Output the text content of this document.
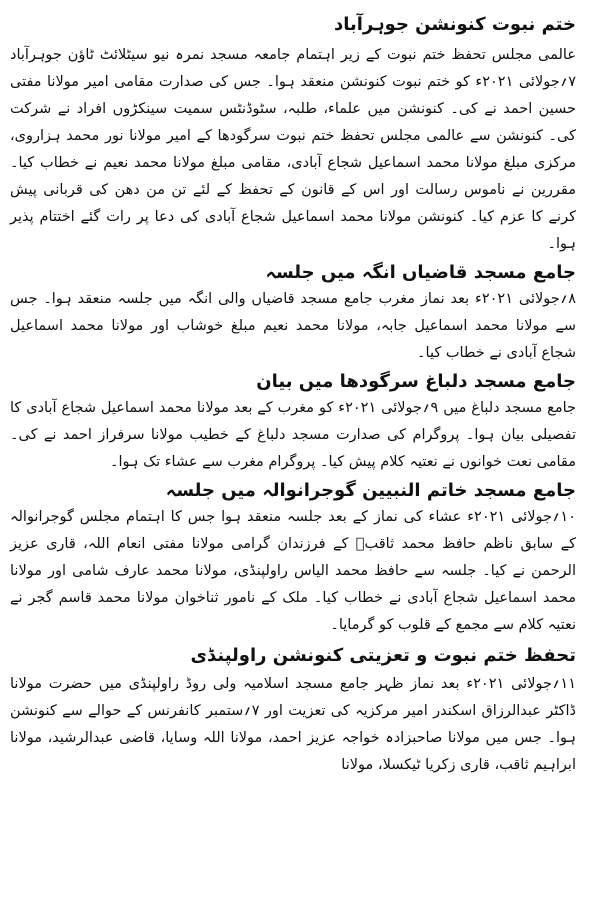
ختم نبوت کنونشن جوہرآباد

عالمی مجلس تحفظ ختم نبوت کے زیر اہتمام جامعہ مسجد نمرہ نیو سیٹلائٹ ٹاؤن جوہرآباد ۷؍جولائی ۲۰۲۱ء کو ختم نبوت کنونشن منعقد ہوا۔ جس کی صدارت مقامی امیر مولانا مفتی حسین احمد نے کی۔ کنونشن میں علماء، طلبہ، سٹوڈنٹس سمیت سینکڑوں افراد نے شرکت کی۔ کنونشن سے عالمی مجلس تحفظ ختم نبوت سرگودھا کے امیر مولانا نور محمد ہزاروی، مرکزی مبلغ مولانا محمد اسماعیل شجاع آبادی، مقامی مبلغ مولانا محمد نعیم نے خطاب کیا۔ مقررین نے ناموس رسالت اور اس کے قانون کے تحفظ کے لئے تن من دھن کی قربانی پیش کرنے کا عزم کیا۔ کنونشن مولانا محمد اسماعیل شجاع آبادی کی دعا پر رات گئے اختتام پذیر ہوا۔

جامع مسجد قاضیاں انگہ میں جلسہ

۸؍جولائی ۲۰۲۱ء بعد نماز مغرب جامع مسجد قاضیاں والی انگہ میں جلسہ منعقد ہوا۔ جس سے مولانا محمد اسماعیل جابہ، مولانا محمد نعیم مبلغ خوشاب اور مولانا محمد اسماعیل شجاع آبادی نے خطاب کیا۔

جامع مسجد دلباغ سرگودھا میں بیان

جامع مسجد دلباغ میں ۹؍جولائی ۲۰۲۱ء کو مغرب کے بعد مولانا محمد اسماعیل شجاع آبادی کا تفصیلی بیان ہوا۔ پروگرام کی صدارت مسجد دلباغ کے خطیب مولانا سرفراز احمد نے کی۔ مقامی نعت خوانوں نے نعتیہ کلام پیش کیا۔ پروگرام مغرب سے عشاء تک ہوا۔

جامع مسجد خاتم النبیین گوجرانوالہ میں جلسہ

۱۰؍جولائی ۲۰۲۱ء عشاء کی نماز کے بعد جلسہ منعقد ہوا جس کا اہتمام مجلس گوجرانوالہ کے سابق ناظم حافظ محمد ثاقبؒ کے فرزندان گرامی مولانا مفتی انعام اللہ، قاری عزیز الرحمن نے کیا۔ جلسہ سے حافظ محمد الیاس راولپنڈی، مولانا محمد عارف شامی اور مولانا محمد اسماعیل شجاع آبادی نے خطاب کیا۔ ملک کے نامور ثناخوان مولانا محمد قاسم گجر نے نعتیہ کلام سے مجمع کے قلوب کو گرمایا۔

تحفظ ختم نبوت و تعزیتی کنونشن راولپنڈی

۱۱؍جولائی ۲۰۲۱ء بعد نماز ظہر جامع مسجد اسلامیہ ولی روڈ راولپنڈی میں حضرت مولانا ڈاکٹر عبدالرزاق اسکندر امیر مرکزیہ کی تعزیت اور ۷؍ستمبر کانفرنس کے حوالے سے کنونشن ہوا۔ جس میں مولانا صاحبزادہ خواجہ عزیز احمد، مولانا اللہ وسایا، قاضی عبدالرشید، مولانا ابراہیم ثاقب، قاری زکریا ٹیکسلا، مولانا
